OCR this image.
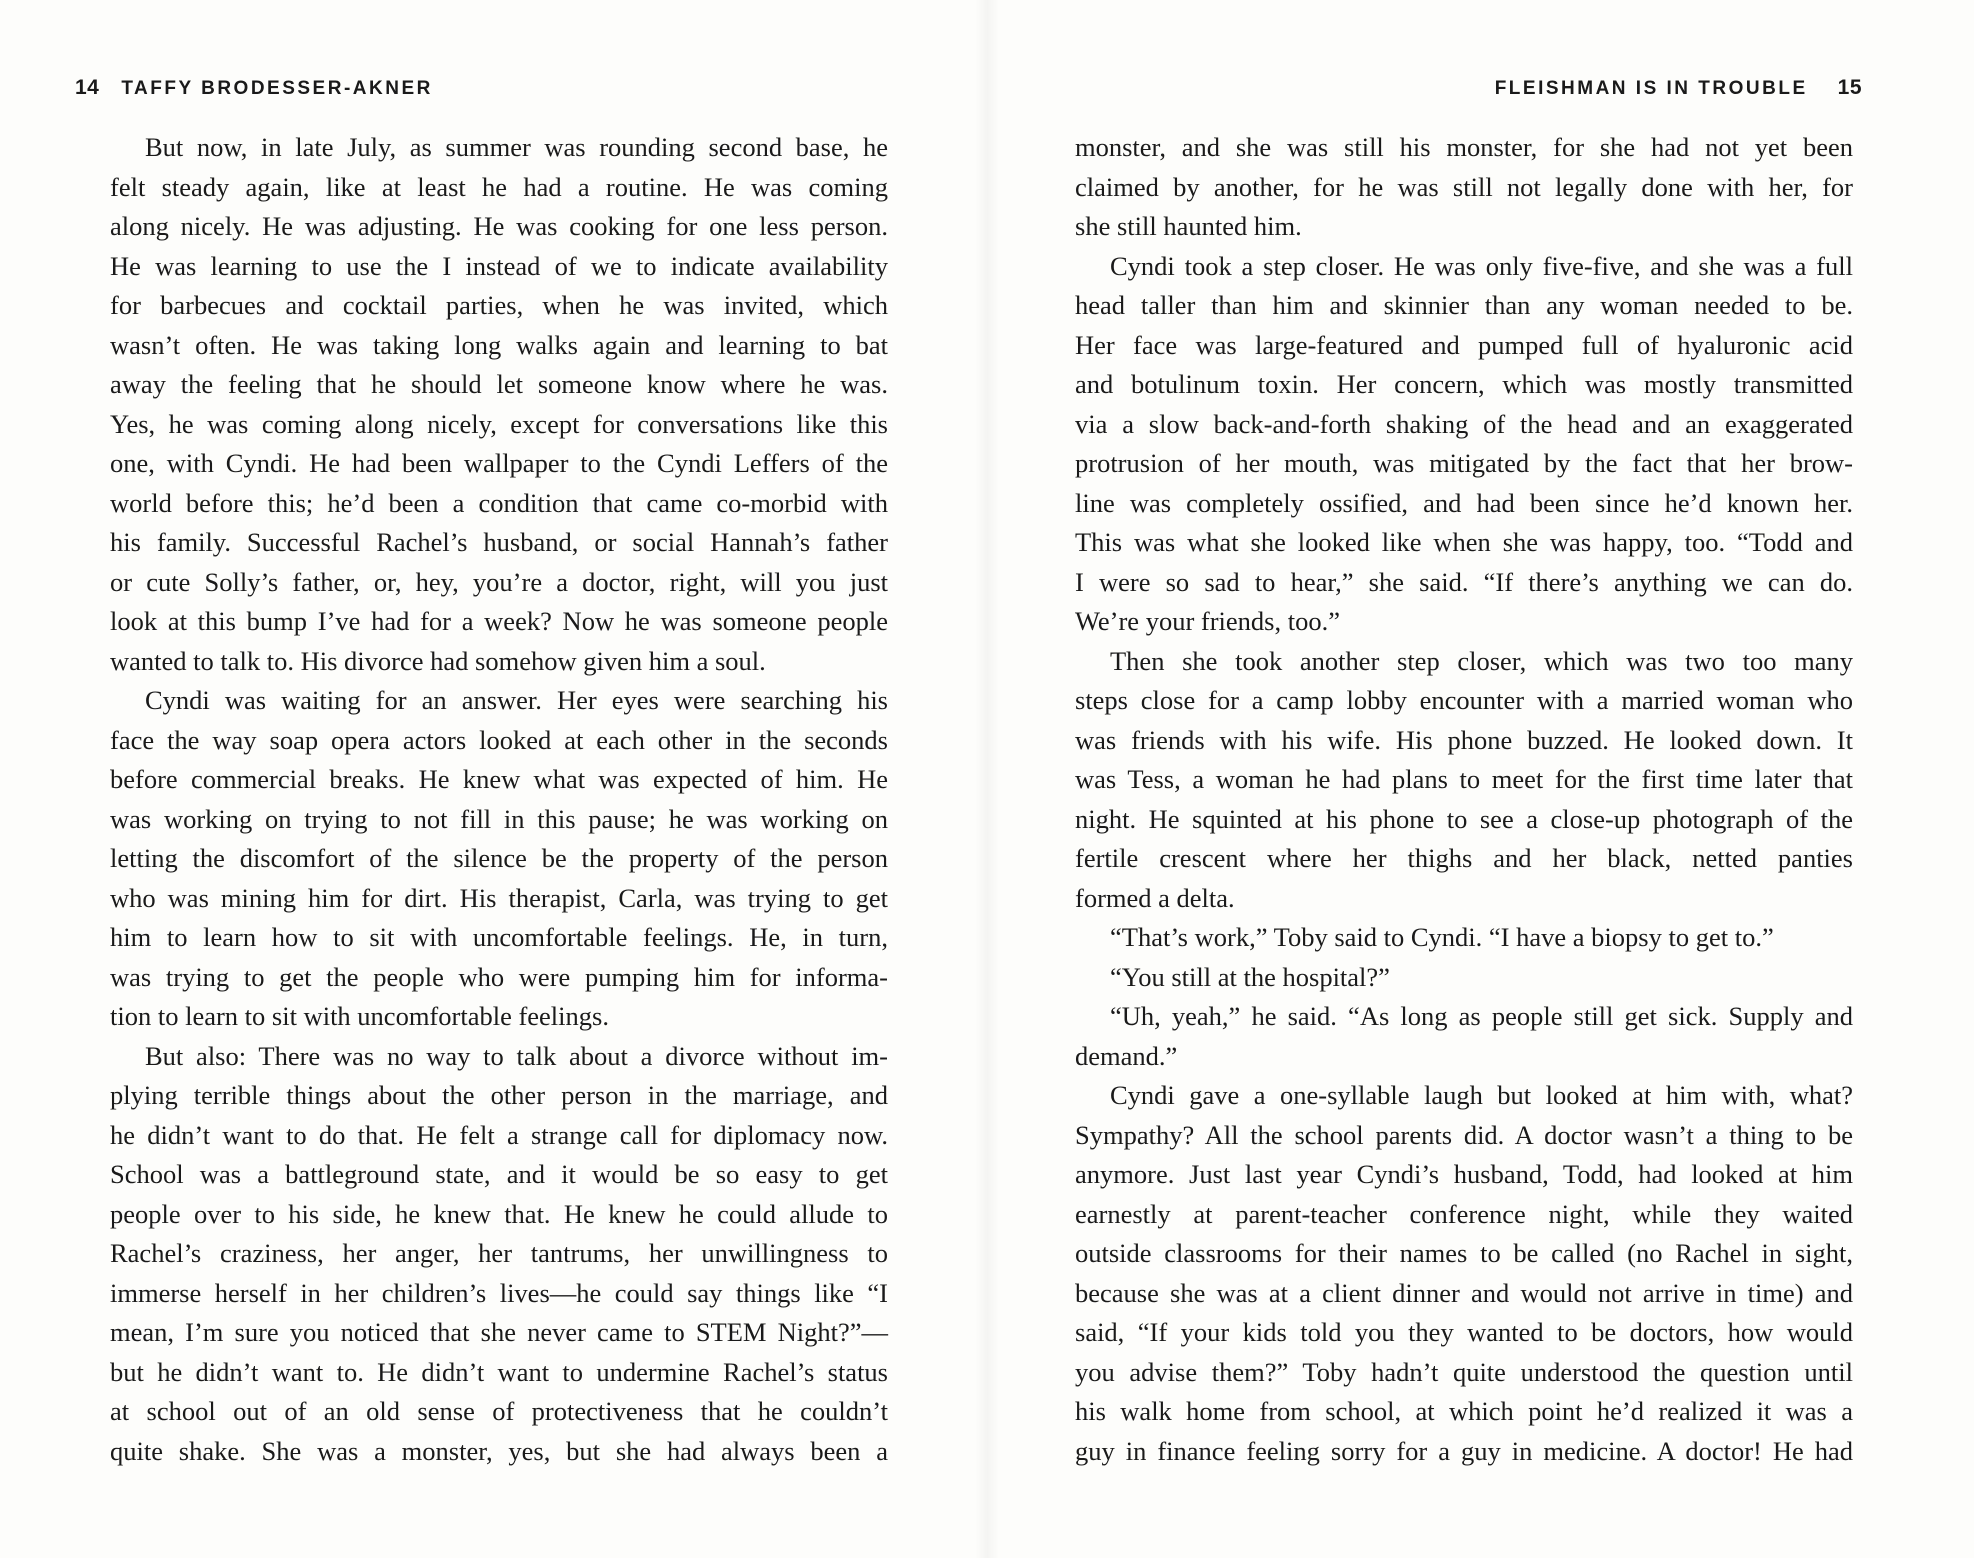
14 TAFFY BRODESSER-AKNER
But now, in late July, as summer was rounding second base, he
felt steady again, like at least he had a routine. He was coming
along nicely. He was adjusting. He was cooking for one less person.
He was learning to use the I instead of we to indicate availability
for barbecues and cocktail parties, when he was invited, which
wasn’t often. He was taking long walks again and learning to bat
away the feeling that he should let someone know where he was.
Yes, he was coming along nicely, except for conversations like this
one, with Cyndi. He had been wallpaper to the Cyndi Leffers of the
world before this; he’d been a condition that came co-morbid with
his family. Successful Rachel’s husband, or social Hannah’s father
or cute Solly’s father, or, hey, you’re a doctor, right, will you just
look at this bump I’ve had for a week? Now he was someone people
wanted to talk to. His divorce had somehow given him a soul.
Cyndi was waiting for an answer. Her eyes were searching his
face the way soap opera actors looked at each other in the seconds
before commercial breaks. He knew what was expected of him. He
was working on trying to not fill in this pause; he was working on
letting the discomfort of the silence be the property of the person
who was mining him for dirt. His therapist, Carla, was trying to get
him to learn how to sit with uncomfortable feelings. He, in turn,
was trying to get the people who were pumping him for informa-
tion to learn to sit with uncomfortable feelings.
But also: There was no way to talk about a divorce without im-
plying terrible things about the other person in the marriage, and
he didn’t want to do that. He felt a strange call for diplomacy now.
School was a battleground state, and it would be so easy to get
people over to his side, he knew that. He knew he could allude to
Rachel’s craziness, her anger, her tantrums, her unwillingness to
immerse herself in her children’s lives—he could say things like “I
mean, I’m sure you noticed that she never came to STEM Night?”—
but he didn’t want to. He didn’t want to undermine Rachel’s status
at school out of an old sense of protectiveness that he couldn’t
quite shake. She was a monster, yes, but she had always been a
FLEISHMAN IS IN TROUBLE 15
monster, and she was still his monster, for she had not yet been
claimed by another, for he was still not legally done with her, for
she still haunted him.
Cyndi took a step closer. He was only five-five, and she was a full
head taller than him and skinnier than any woman needed to be.
Her face was large-featured and pumped full of hyaluronic acid
and botulinum toxin. Her concern, which was mostly transmitted
via a slow back-and-forth shaking of the head and an exaggerated
protrusion of her mouth, was mitigated by the fact that her brow-
line was completely ossified, and had been since he’d known her.
This was what she looked like when she was happy, too. “Todd and
I were so sad to hear,” she said. “If there’s anything we can do.
We’re your friends, too.”
Then she took another step closer, which was two too many
steps close for a camp lobby encounter with a married woman who
was friends with his wife. His phone buzzed. He looked down. It
was Tess, a woman he had plans to meet for the first time later that
night. He squinted at his phone to see a close-up photograph of the
fertile crescent where her thighs and her black, netted panties
formed a delta.
“That’s work,” Toby said to Cyndi. “I have a biopsy to get to.”
“You still at the hospital?”
“Uh, yeah,” he said. “As long as people still get sick. Supply and
demand.”
Cyndi gave a one-syllable laugh but looked at him with, what?
Sympathy? All the school parents did. A doctor wasn’t a thing to be
anymore. Just last year Cyndi’s husband, Todd, had looked at him
earnestly at parent-teacher conference night, while they waited
outside classrooms for their names to be called (no Rachel in sight,
because she was at a client dinner and would not arrive in time) and
said, “If your kids told you they wanted to be doctors, how would
you advise them?” Toby hadn’t quite understood the question until
his walk home from school, at which point he’d realized it was a
guy in finance feeling sorry for a guy in medicine. A doctor! He had
